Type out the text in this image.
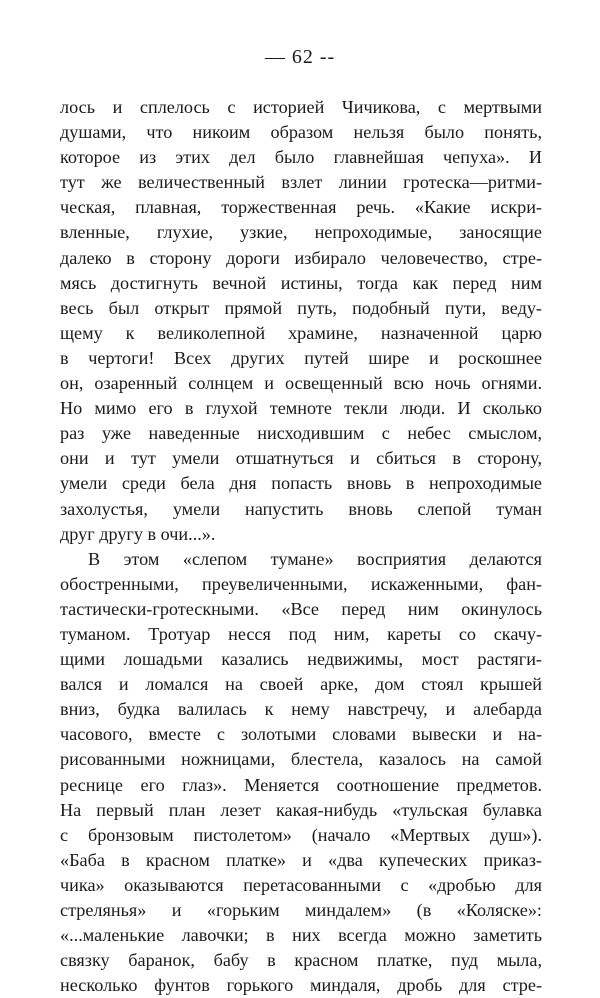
— 62 --
лось и сплелось с историей Чичикова, с мертвыми
душами, что никоим образом нельзя было понять,
которое из этих дел было главнейшая чепуха». И
тут же величественный взлет линии гротеска—ритми-
ческая, плавная, торжественная речь. «Какие искри-
вленные, глухие, узкие, непроходимые, заносящие
далеко в сторону дороги избирало человечество, стре-
мясь достигнуть вечной истины, тогда как перед ним
весь был открыт прямой путь, подобный пути, веду-
щему к великолепной храмине, назначенной царю
в чертоги! Всех других путей шире и роскошнее
он, озаренный солнцем и освещенный всю ночь огнями.
Но мимо его в глухой темноте текли люди. И сколько
раз уже наведенные нисходившим с небес смыслом,
они и тут умели отшатнуться и сбиться в сторону,
умели среди бела дня попасть вновь в непроходимые
захолустья, умели напустить вновь слепой туман
друг другу в очи...».
В этом «слепом тумане» восприятия делаются
обостренными, преувеличенными, искаженными, фан-
тастически-гротескными. «Все перед ним окинулось
туманом. Тротуар несся под ним, кареты со скачу-
щими лошадьми казались недвижимы, мост растяги-
вался и ломался на своей арке, дом стоял крышей
вниз, будка валилась к нему навстречу, и алебарда
часового, вместе с золотыми словами вывески и на-
рисованными ножницами, блестела, казалось на самой
реснице его глаз». Меняется соотношение предметов.
На первый план лезет какая-нибудь «тульская булавка
с бронзовым пистолетом» (начало «Мертвых душ»).
«Баба в красном платке» и «два купеческих приказ-
чика» оказываются перетасованными с «дробью для
стрелянья» и «горьким миндалем» (в «Коляске»:
«...маленькие лавочки; в них всегда можно заметить
связку баранок, бабу в красном платке, пуд мыла,
несколько фунтов горького миндаля, дробь для стре-
